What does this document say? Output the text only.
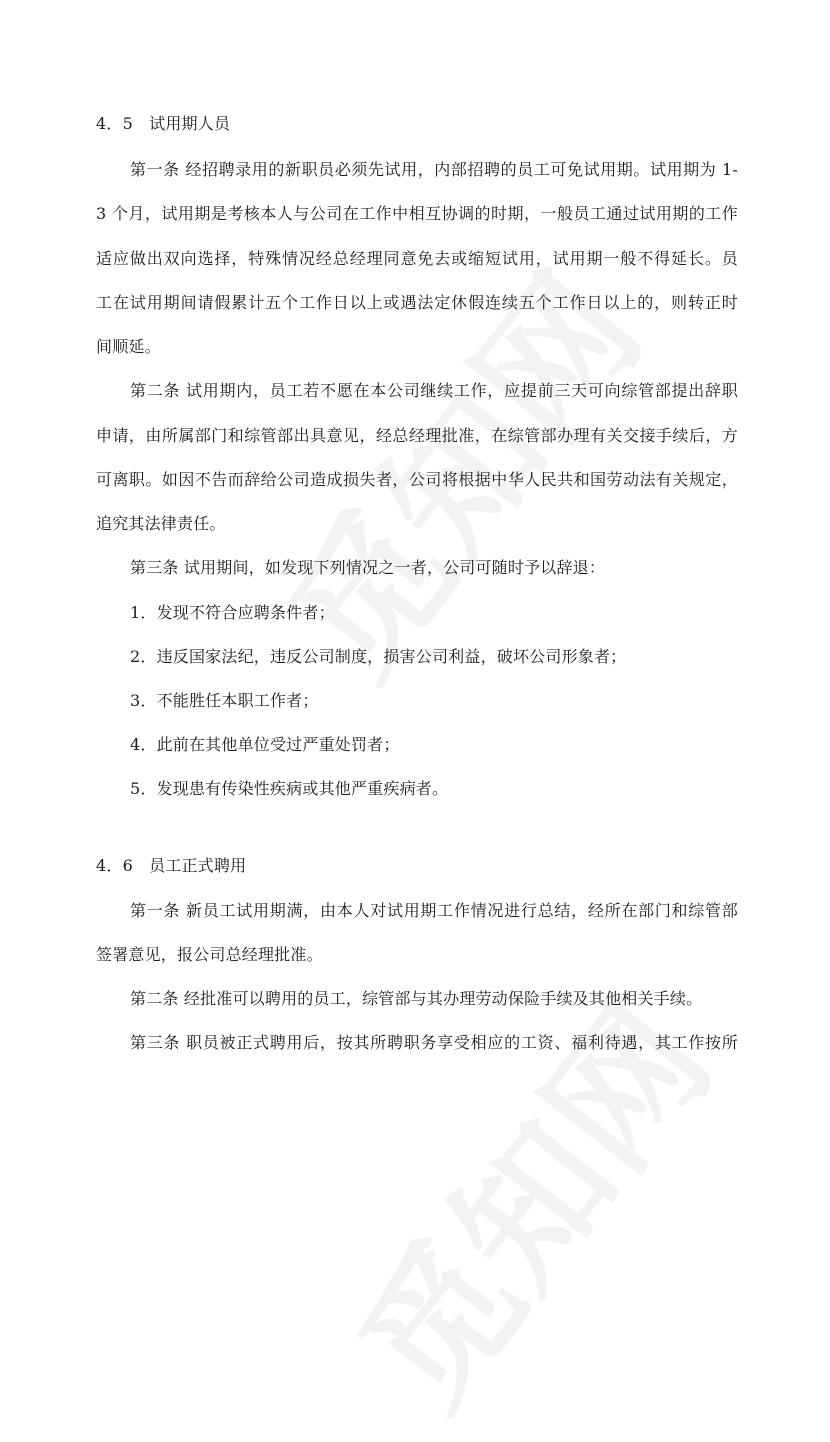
4．5　试用期人员
第一条 经招聘录用的新职员必须先试用，内部招聘的员工可免试用期。试用期为 1-
3 个月，试用期是考核本人与公司在工作中相互协调的时期，一般员工通过试用期的工作
适应做出双向选择，特殊情况经总经理同意免去或缩短试用，试用期一般不得延长。员
工在试用期间请假累计五个工作日以上或遇法定休假连续五个工作日以上的，则转正时
间顺延。
第二条 试用期内，员工若不愿在本公司继续工作，应提前三天可向综管部提出辞职
申请，由所属部门和综管部出具意见，经总经理批准，在综管部办理有关交接手续后，方
可离职。如因不告而辞给公司造成损失者，公司将根据中华人民共和国劳动法有关规定，
追究其法律责任。
第三条 试用期间，如发现下列情况之一者，公司可随时予以辞退：
1．发现不符合应聘条件者；
2．违反国家法纪，违反公司制度，损害公司利益，破坏公司形象者；
3．不能胜任本职工作者；
4．此前在其他单位受过严重处罚者；
5．发现患有传染性疾病或其他严重疾病者。
4．6　员工正式聘用
第一条 新员工试用期满，由本人对试用期工作情况进行总结，经所在部门和综管部
签署意见，报公司总经理批准。
第二条 经批准可以聘用的员工，综管部与其办理劳动保险手续及其他相关手续。
第三条 职员被正式聘用后，按其所聘职务享受相应的工资、福利待遇，其工作按所
